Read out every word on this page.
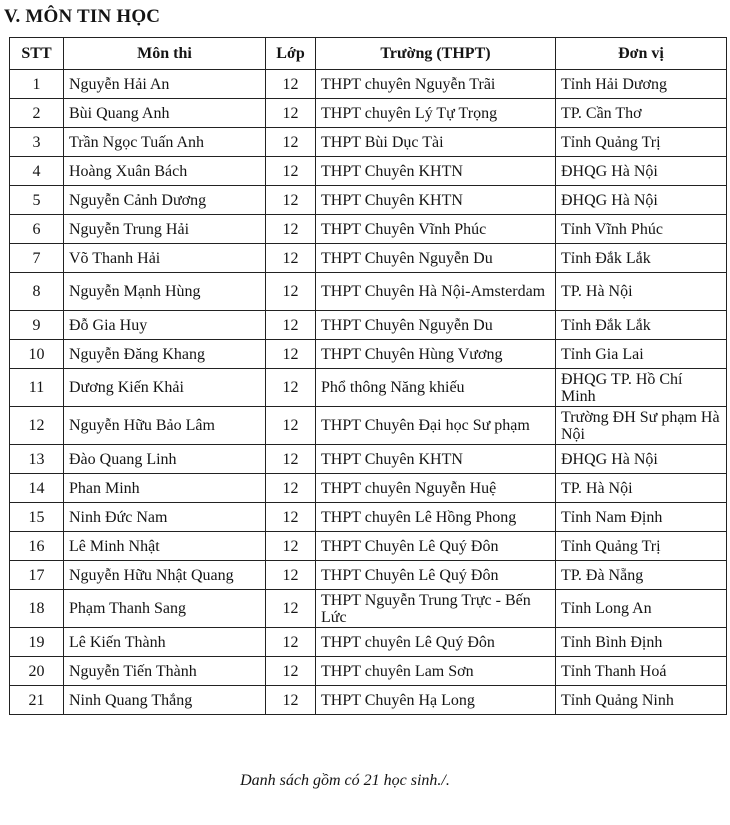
V. MÔN TIN HỌC
STT	Môn thi	Lớp	Trường (THPT)	Đơn vị
1	Nguyễn Hải An	12	THPT chuyên Nguyễn Trãi	Tỉnh Hải Dương
2	Bùi Quang Anh	12	THPT chuyên Lý Tự Trọng	TP. Cần Thơ
3	Trần Ngọc Tuấn Anh	12	THPT Bùi Dục Tài	Tỉnh Quảng Trị
4	Hoàng Xuân Bách	12	THPT Chuyên KHTN	ĐHQG Hà Nội
5	Nguyễn Cảnh Dương	12	THPT Chuyên KHTN	ĐHQG Hà Nội
6	Nguyễn Trung Hải	12	THPT Chuyên Vĩnh Phúc	Tỉnh Vĩnh Phúc
7	Võ Thanh Hải	12	THPT Chuyên Nguyễn Du	Tỉnh Đắk Lắk
8	Nguyễn Mạnh Hùng	12	THPT Chuyên Hà Nội-Amsterdam	TP. Hà Nội
9	Đỗ Gia Huy	12	THPT Chuyên Nguyễn Du	Tỉnh Đắk Lắk
10	Nguyễn Đăng Khang	12	THPT Chuyên Hùng Vương	Tỉnh Gia Lai
11	Dương Kiến Khải	12	Phổ thông Năng khiếu	ĐHQG TP. Hồ Chí Minh
12	Nguyễn Hữu Bảo Lâm	12	THPT Chuyên Đại học Sư phạm	Trường ĐH Sư phạm Hà Nội
13	Đào Quang Linh	12	THPT Chuyên KHTN	ĐHQG Hà Nội
14	Phan Minh	12	THPT chuyên Nguyễn Huệ	TP. Hà Nội
15	Ninh Đức Nam	12	THPT chuyên Lê Hồng Phong	Tỉnh Nam Định
16	Lê Minh Nhật	12	THPT Chuyên Lê Quý Đôn	Tỉnh Quảng Trị
17	Nguyễn Hữu Nhật Quang	12	THPT Chuyên Lê Quý Đôn	TP. Đà Nẵng
18	Phạm Thanh Sang	12	THPT Nguyễn Trung Trực - Bến Lức	Tỉnh Long An
19	Lê Kiến Thành	12	THPT chuyên Lê Quý Đôn	Tỉnh Bình Định
20	Nguyễn Tiến Thành	12	THPT chuyên Lam Sơn	Tỉnh Thanh Hoá
21	Ninh Quang Thắng	12	THPT Chuyên Hạ Long	Tỉnh Quảng Ninh
Danh sách gồm có 21 học sinh./.
